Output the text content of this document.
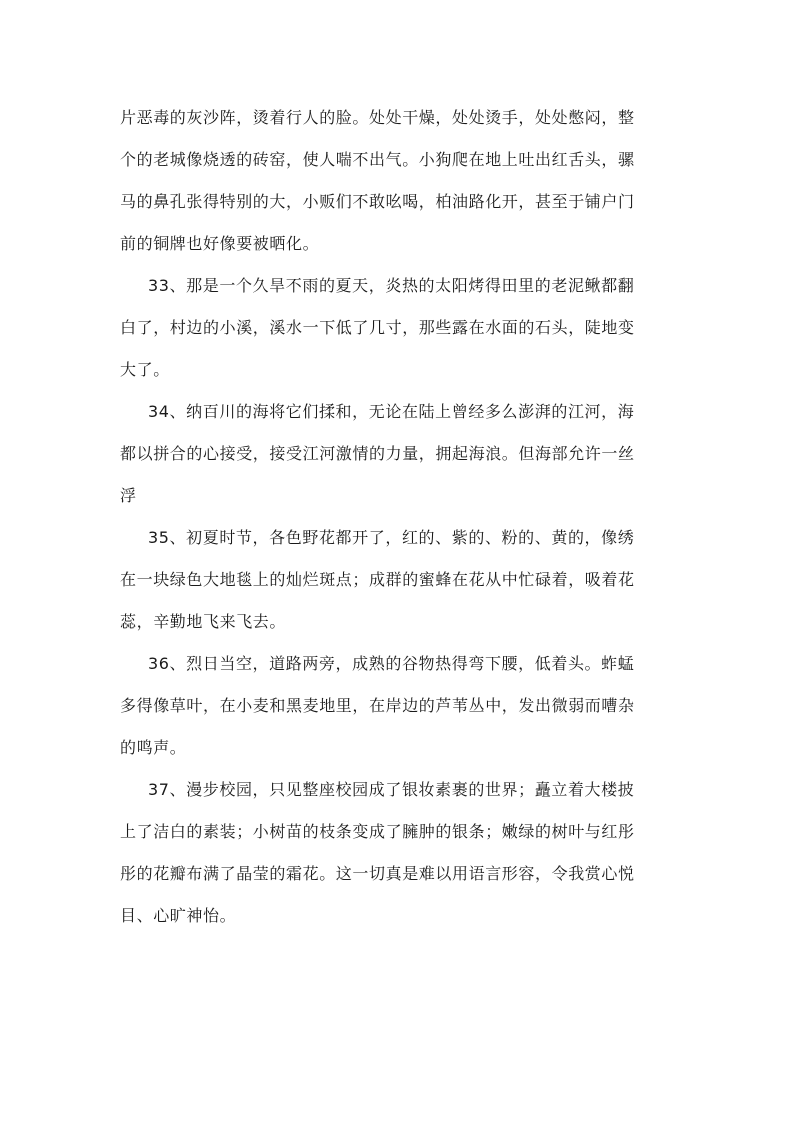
片恶毒的灰沙阵，烫着行人的脸。处处干燥，处处烫手，处处憋闷，整
个的老城像烧透的砖窑，使人喘不出气。小狗爬在地上吐出红舌头，骡
马的鼻孔张得特别的大，小贩们不敢吆喝，柏油路化开，甚至于铺户门
前的铜牌也好像要被晒化。
33、那是一个久旱不雨的夏天，炎热的太阳烤得田里的老泥鳅都翻
白了，村边的小溪，溪水一下低了几寸，那些露在水面的石头，陡地变
大了。
34、纳百川的海将它们揉和，无论在陆上曾经多么澎湃的江河，海
都以拼合的心接受，接受江河激情的力量，拥起海浪。但海部允许一丝
浮
35、初夏时节，各色野花都开了，红的、紫的、粉的、黄的，像绣
在一块绿色大地毯上的灿烂斑点；成群的蜜蜂在花从中忙碌着，吸着花
蕊，辛勤地飞来飞去。
36、烈日当空，道路两旁，成熟的谷物热得弯下腰，低着头。蚱蜢
多得像草叶，在小麦和黑麦地里，在岸边的芦苇丛中，发出微弱而嘈杂
的鸣声。
37、漫步校园，只见整座校园成了银妆素裹的世界；矗立着大楼披
上了洁白的素装；小树苗的枝条变成了臃肿的银条；嫩绿的树叶与红彤
彤的花瓣布满了晶莹的霜花。这一切真是难以用语言形容，令我赏心悦
目、心旷神怡。
